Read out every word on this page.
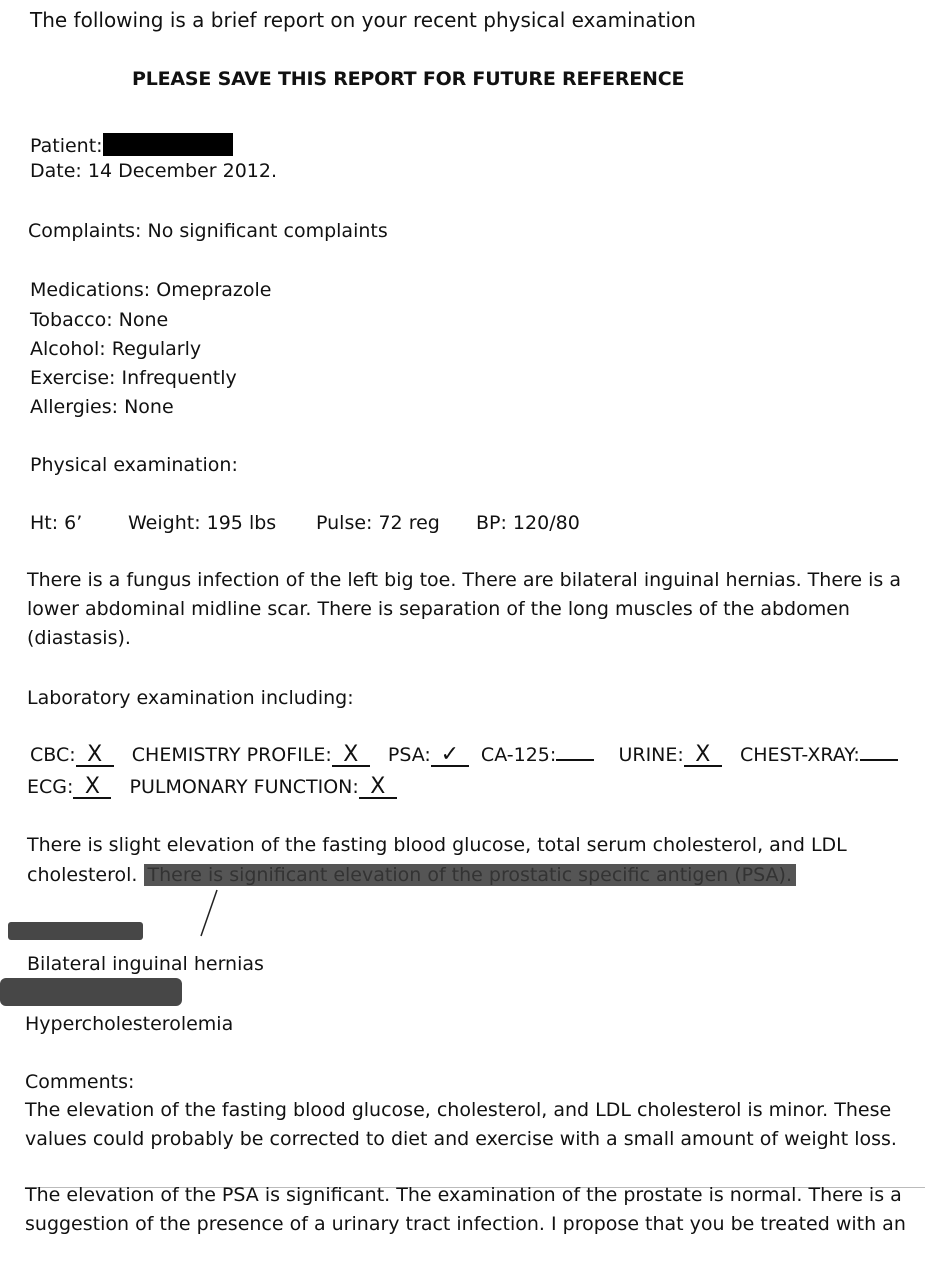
The following is a brief report on your recent physical examination
PLEASE SAVE THIS REPORT FOR FUTURE REFERENCE
Patient:
Date: 14 December 2012.
Complaints: No significant complaints
Medications: Omeprazole
Tobacco: None
Alcohol: Regularly
Exercise: Infrequently
Allergies: None
Physical examination:
Ht: 6’ Weight: 195 lbs Pulse: 72 reg BP: 120/80
There is a fungus infection of the left big toe. There are bilateral inguinal hernias. There is a lower abdominal midline scar. There is separation of the long muscles of the abdomen (diastasis).
Laboratory examination including:
CBC: X CHEMISTRY PROFILE: X PSA: ✓ CA-125:	URINE: X CHEST-XRAY:
ECG: X PULMONARY FUNCTION: X
There is slight elevation of the fasting blood glucose, total serum cholesterol, and LDL
cholesterol. There is significant elevation of the prostatic specific antigen (PSA).
Bilateral inguinal hernias
Hypercholesterolemia
Comments:
The elevation of the fasting blood glucose, cholesterol, and LDL cholesterol is minor. These values could probably be corrected to diet and exercise with a small amount of weight loss.
The elevation of the PSA is significant. The examination of the prostate is normal. There is a suggestion of the presence of a urinary tract infection. I propose that you be treated with an
